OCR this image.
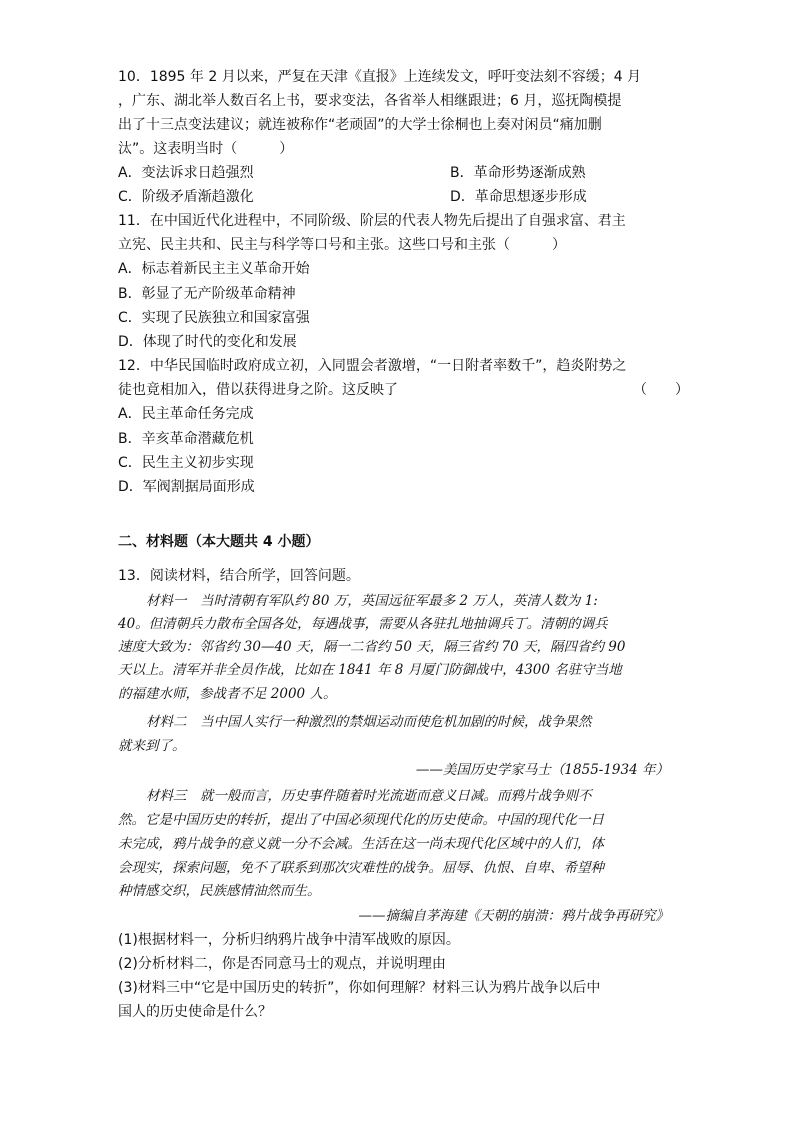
10．1895 年 2 月以来，严复在天津《直报》上连续发文，呼吁变法刻不容缓；4 月
，广东、湖北举人数百名上书，要求变法，各省举人相继跟进；6 月，巡抚陶模提
出了十三点变法建议；就连被称作“老顽固”的大学士徐桐也上奏对闲员“痛加删
汰”。这表明当时（　　　）
A．变法诉求日趋强烈	B．革命形势逐渐成熟
C．阶级矛盾渐趋激化	D．革命思想逐步形成
11．在中国近代化进程中，不同阶级、阶层的代表人物先后提出了自强求富、君主
立宪、民主共和、民主与科学等口号和主张。这些口号和主张（　　　）
A．标志着新民主主义革命开始
B．彰显了无产阶级革命精神
C．实现了民族独立和国家富强
D．体现了时代的变化和发展
12．中华民国临时政府成立初，入同盟会者激增，“一日附者率数千”，趋炎附势之
徒也竟相加入，借以获得进身之阶。这反映了	（　　）
A．民主革命任务完成
B．辛亥革命潜藏危机
C．民生主义初步实现
D．军阀割据局面形成
二、材料题（本大题共 4 小题）
13．阅读材料，结合所学，回答问题。
材料一　当时清朝有军队约 80 万，英国远征军最多 2 万人，英清人数为 1:
40。但清朝兵力散布全国各处，每遇战事，需要从各驻扎地抽调兵丁。清朝的调兵
速度大致为：邻省约 30—40 天，隔一二省约 50 天，隔三省约 70 天，隔四省约 90
天以上。清军并非全员作战，比如在 1841 年 8 月厦门防御战中，4300 名驻守当地
的福建水师，参战者不足 2000 人。
材料二　当中国人实行一种激烈的禁烟运动而使危机加剧的时候，战争果然
就来到了。
——美国历史学家马士（1855-1934 年）
材料三　就一般而言，历史事件随着时光流逝而意义日减。而鸦片战争则不
然。它是中国历史的转折，提出了中国必须现代化的历史使命。中国的现代化一日
未完成，鸦片战争的意义就一分不会减。生活在这一尚未现代化区域中的人们，体
会现实，探索问题，免不了联系到那次灾难性的战争。屈辱、仇恨、自卑、希望种
种情感交织，民族感情油然而生。
——摘编自茅海建《天朝的崩溃：鸦片战争再研究》
(1)根据材料一，分析归纳鸦片战争中清军战败的原因。
(2)分析材料二，你是否同意马士的观点，并说明理由
(3)材料三中“它是中国历史的转折”，你如何理解？材料三认为鸦片战争以后中
国人的历史使命是什么？
